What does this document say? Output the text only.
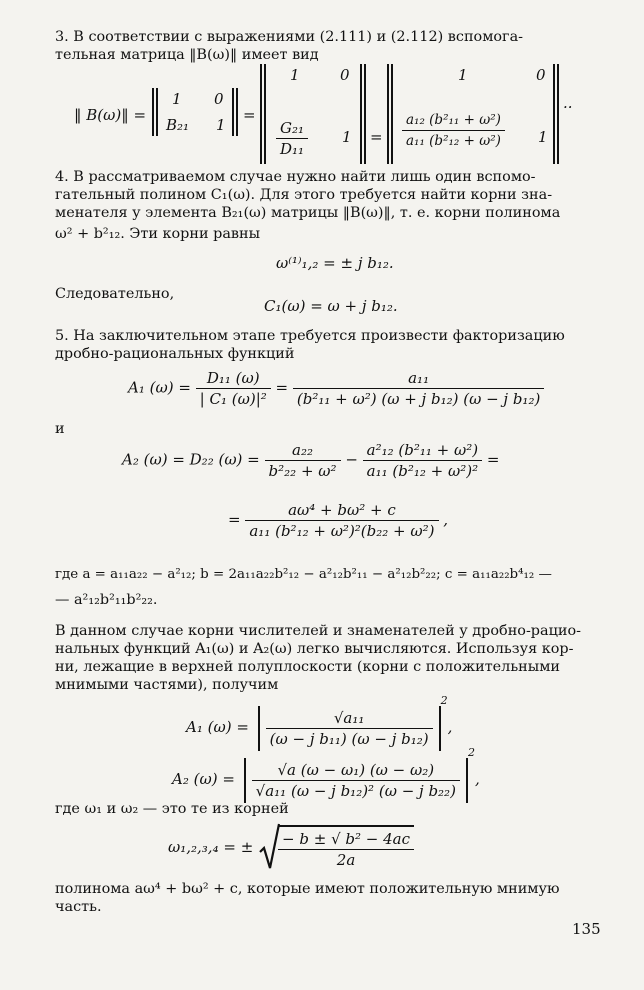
3. В соответствии с выражениями (2.111) и (2.112) вспомога-

тельная матрица ‖B(ω)‖ имеет вид

‖ B(ω)‖ =
1 0
B₂₁ 1
=
1	0
$\frac{\text{G₂₁}}{\text{D₁₁}} 1$ =
1	0
$\frac{\text{a₁₂ (b²₁₁ + ω²)}}{\text{a₁₁ (b²₁₂ + ω²)}} 1$
..

4. В рассматриваемом случае нужно найти лишь один вспомо-

гательный полином C₁(ω). Для этого требуется найти корни зна-

менателя у элемента B₂₁(ω) матрицы ‖B(ω)‖, т. е. корни полинома

ω² + b²₁₂. Эти корни равны

ω⁽¹⁾₁,₂ = ± j b₁₂.

Следовательно,

C₁(ω) = ω + j b₁₂.

5. На заключительном этапе требуется произвести факторизацию

дробно-рациональных функций

A₁ $(\omega) = \frac{\text{D₁₁ (ω)}}{\text{| C₁ (ω)|²}} = \frac{\text{a₁₁}}{\text{(b²₁₁ + ω²) (ω + j b₁₂) (ω − j b₁₂)}}$

и

A₂ (ω) = D₂₂ $(\omega) = \frac{\text{a₂₂}}{\text{b²₂₂ + ω²}} - \frac{\text{a²₁₂ (b²₁₁ + ω²)}}{\text{a₁₁ (b²₁₂ + ω²)²}}$ =
= $\frac{\text{aω⁴ + bω² + c}}{\text{a₁₁ (b²₁₂ + ω²)²(b₂₂ + ω²)}}$ ,

где a = a₁₁a₂₂ − a²₁₂; b = 2a₁₁a₂₂b²₁₂ − a²₁₂b²₁₁ − a²₁₂b²₂₂; c = a₁₁a₂₂b⁴₁₂ —

— a²₁₂b²₁₁b²₂₂.

В данном случае корни числителей и знаменателей у дробно-рацио-

нальных функций A₁(ω) и A₂(ω) легко вычисляются. Используя кор-

ни, лежащие в верхней полуплоскости (корни с положительными

мнимыми частями), получим

A₁ $(\omega) = \frac{\text{√a₁₁}}{\text{(ω − j b₁₁) (ω − j b₁₂)}}$
$^2$,
A₂ $(\omega) = \frac{\text{√a (ω − ω₁) (ω − ω₂)}}{\text{√a₁₁ (ω − j b₁₂)² (ω − j b₂₂)}}$
$^2$,

где ω₁ и ω₂ — это те из корней

ω₁,₂,₃,₄ = ± $\frac{\text{− b ± √ b² − 4ac}}{2a}$

полинома aω⁴ + bω² + c, которые имеют положительную мнимую

часть.

135
